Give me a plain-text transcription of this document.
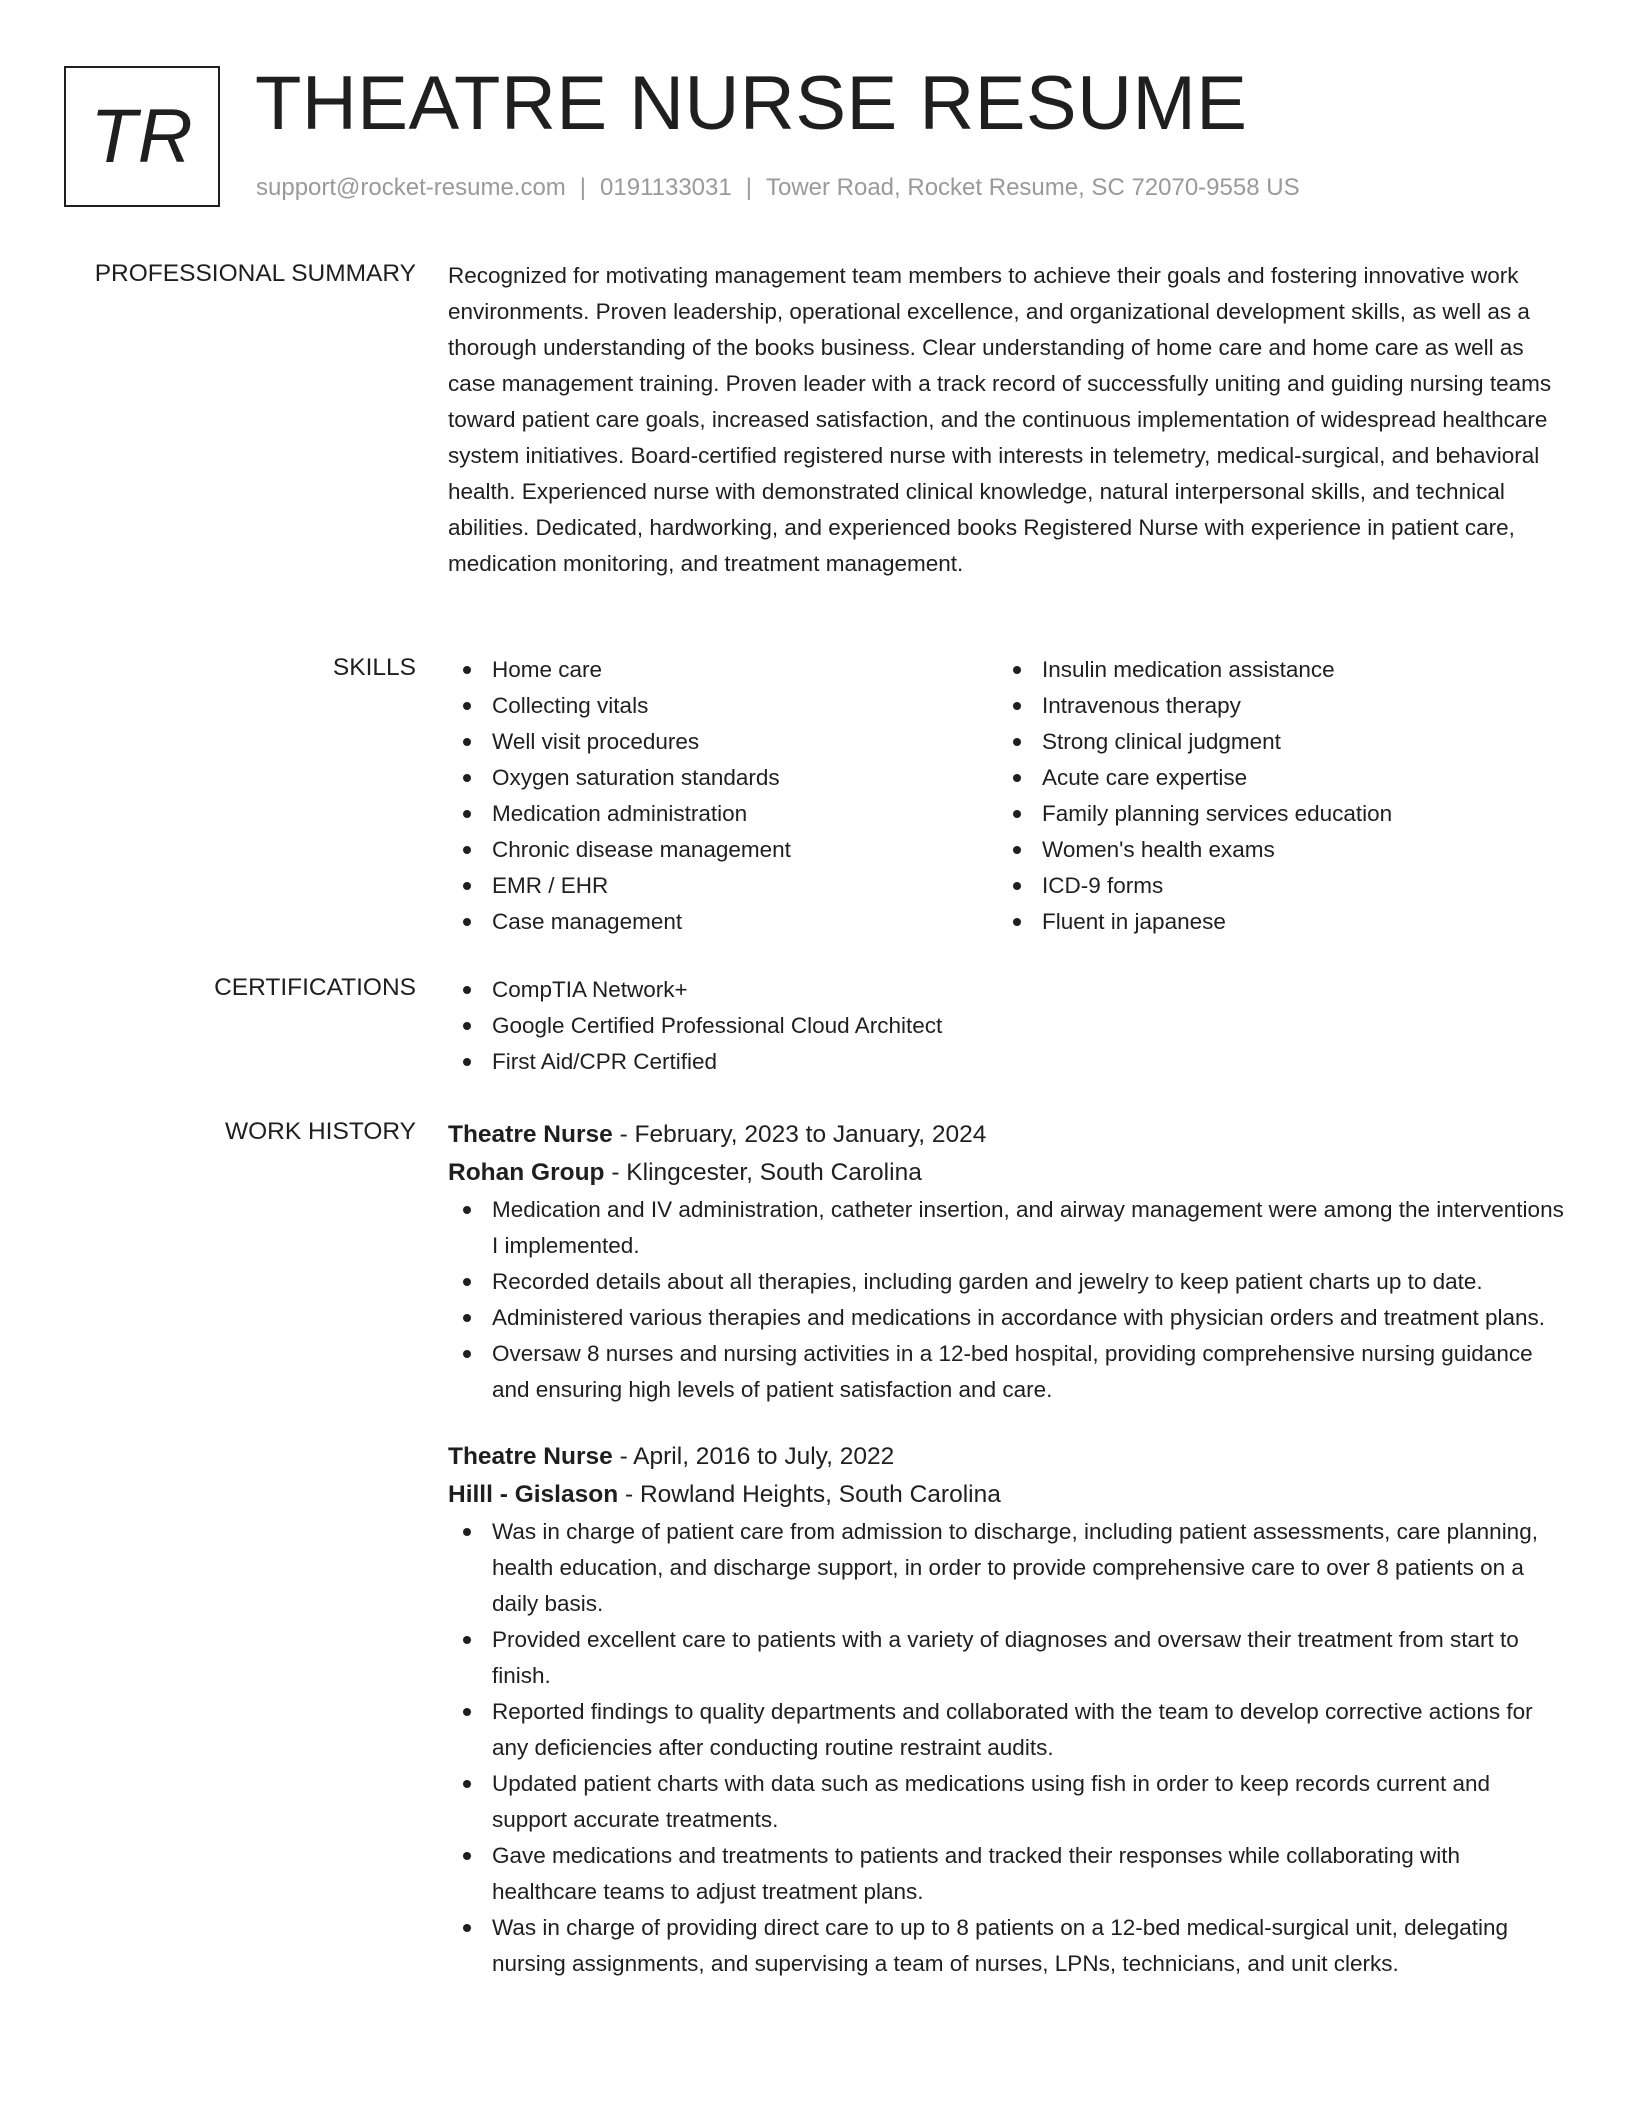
TR THEATRE NURSE RESUME
support@rocket-resume.com | 0191133031 | Tower Road, Rocket Resume, SC 72070-9558 US
PROFESSIONAL SUMMARY Recognized for motivating management team members to achieve their goals and fostering innovative work environments. Proven leadership, operational excellence, and organizational development skills, as well as a thorough understanding of the books business. Clear understanding of home care and home care as well as case management training. Proven leader with a track record of successfully uniting and guiding nursing teams toward patient care goals, increased satisfaction, and the continuous implementation of widespread healthcare system initiatives. Board-certified registered nurse with interests in telemetry, medical-surgical, and behavioral health. Experienced nurse with demonstrated clinical knowledge, natural interpersonal skills, and technical abilities. Dedicated, hardworking, and experienced books Registered Nurse with experience in patient care, medication monitoring, and treatment management.
SKILLS	Home care
Collecting vitals
Well visit procedures
Oxygen saturation standards
Medication administration
Chronic disease management
EMR / EHR
Case management
Insulin medication assistance
Intravenous therapy
Strong clinical judgment
Acute care expertise
Family planning services education
Women's health exams
ICD-9 forms
Fluent in japanese
CERTIFICATIONS	CompTIA Network+
Google Certified Professional Cloud Architect
First Aid/CPR Certified
WORK HISTORY Theatre Nurse - February, 2023 to January, 2024
Rohan Group - Klingcester, South Carolina
Medication and IV administration, catheter insertion, and airway management were among the interventions I implemented.
Recorded details about all therapies, including garden and jewelry to keep patient charts up to date.
Administered various therapies and medications in accordance with physician orders and treatment plans.
Oversaw 8 nurses and nursing activities in a 12-bed hospital, providing comprehensive nursing guidance and ensuring high levels of patient satisfaction and care.
Theatre Nurse - April, 2016 to July, 2022
Hilll - Gislason - Rowland Heights, South Carolina
Was in charge of patient care from admission to discharge, including patient assessments, care planning, health education, and discharge support, in order to provide comprehensive care to over 8 patients on a daily basis.
Provided excellent care to patients with a variety of diagnoses and oversaw their treatment from start to finish.
Reported findings to quality departments and collaborated with the team to develop corrective actions for any deficiencies after conducting routine restraint audits.
Updated patient charts with data such as medications using fish in order to keep records current and support accurate treatments.
Gave medications and treatments to patients and tracked their responses while collaborating with healthcare teams to adjust treatment plans.
Was in charge of providing direct care to up to 8 patients on a 12-bed medical-surgical unit, delegating nursing assignments, and supervising a team of nurses, LPNs, technicians, and unit clerks.
